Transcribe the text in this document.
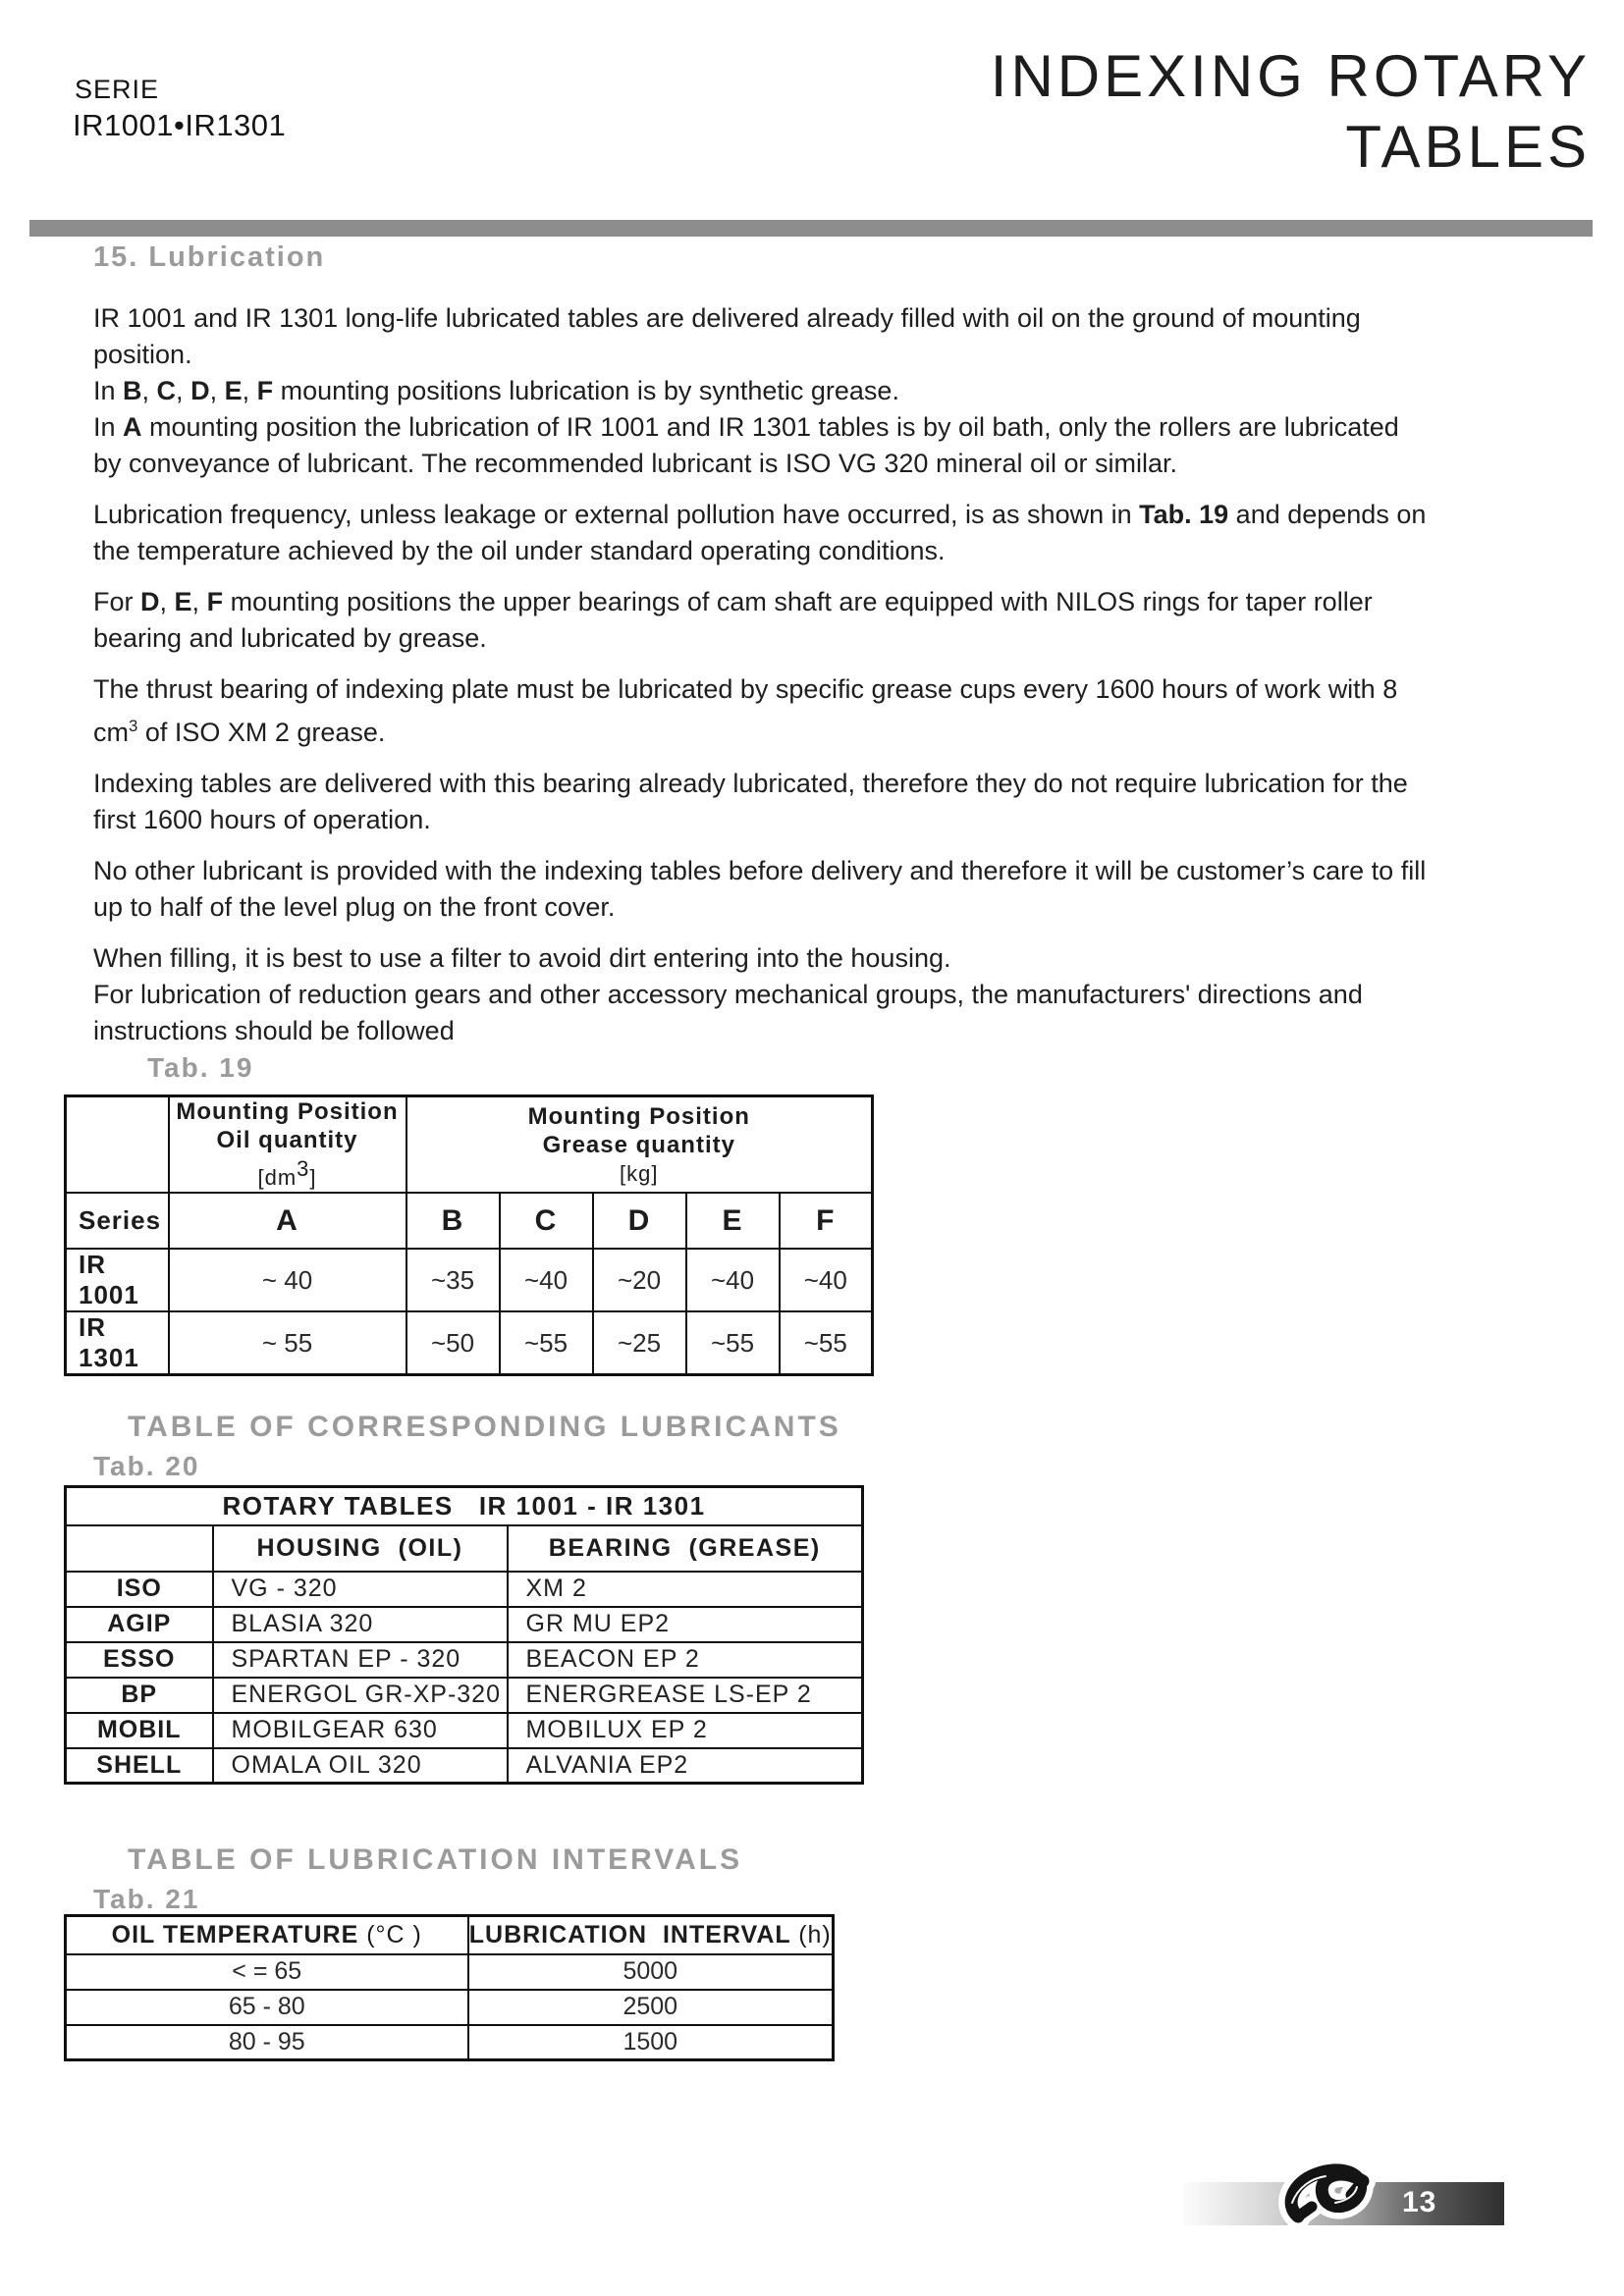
SERIE
IR1001•IR1301
INDEXING ROTARY
TABLES
15. Lubrication

IR 1001 and IR 1301 long-life lubricated tables are delivered already filled with oil on the ground of mounting position.
In B, C, D, E, F mounting positions lubrication is by synthetic grease.
In A mounting position the lubrication of IR 1001 and IR 1301 tables is by oil bath, only the rollers are lubricated by conveyance of lubricant. The recommended lubricant is ISO VG 320 mineral oil or similar.

Lubrication frequency, unless leakage or external pollution have occurred, is as shown in Tab. 19 and depends on the temperature achieved by the oil under standard operating conditions.

For D, E, F mounting positions the upper bearings of cam shaft are equipped with NILOS rings for taper roller bearing and lubricated by grease.

The thrust bearing of indexing plate must be lubricated by specific grease cups every 1600 hours of work with 8 $cm^3$ of ISO XM 2 grease.

Indexing tables are delivered with this bearing already lubricated, therefore they do not require lubrication for the first 1600 hours of operation.

No other lubricant is provided with the indexing tables before delivery and therefore it will be customer’s care to fill up to half of the level plug on the front cover.

When filling, it is best to use a filter to avoid dirt entering into the housing.
For lubrication of reduction gears and other accessory mechanical groups, the manufacturers' directions and instructions should be followed

Tab. 19
	Mounting Position
Oil quantity
$[dm^3]$	Mounting Position
Grease quantity
[kg]				
Series	A	B	C	D	E	F
IR 1001	~ 40	~35	~40	~20	~40	~40
IR 1301	~ 55	~50	~55	~25	~55	~55
TABLE OF CORRESPONDING LUBRICANTS
Tab. 20
ROTARY TABLES   IR 1001 - IR 1301		
	HOUSING  (OIL)	BEARING  (GREASE)
ISO	VG - 320	XM 2
AGIP	BLASIA 320	GR MU EP2
ESSO	SPARTAN EP - 320	BEACON EP 2
BP	ENERGOL GR-XP-320	ENERGREASE LS-EP 2
MOBIL	MOBILGEAR 630	MOBILUX EP 2
SHELL	OMALA OIL 320	ALVANIA EP2
TABLE OF LUBRICATION INTERVALS
Tab. 21
OIL TEMPERATURE (°C )	LUBRICATION  INTERVAL (h)
< = 65	5000
65 - 80	2500
80 - 95	1500
13
